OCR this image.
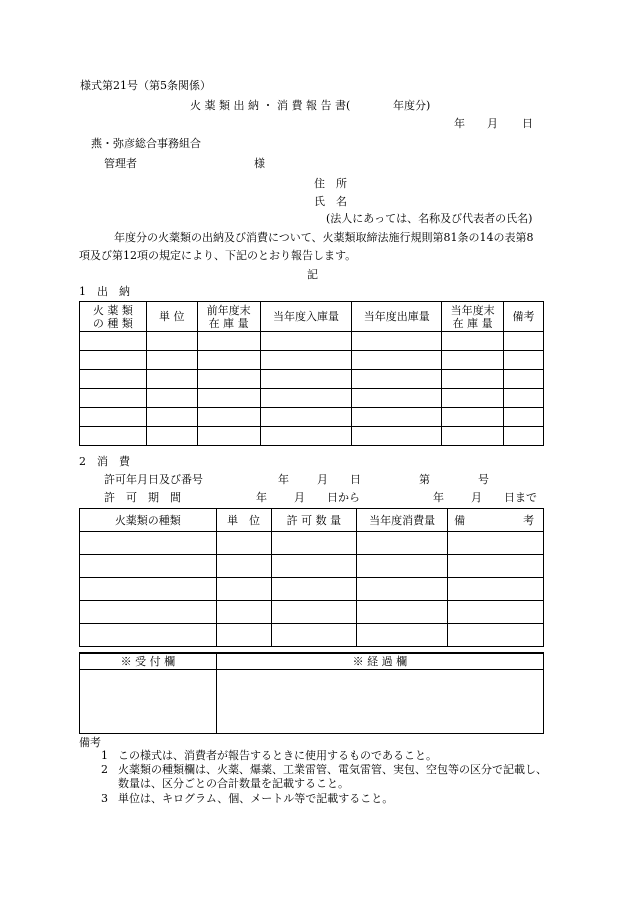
様式第21号（第5条関係）
火 薬 類 出 納 ・ 消 費 報 告 書(	年度分)
年 月 日
燕・弥彦総合事務組合
管理者	様
住　所
氏　名
(法人にあっては、名称及び代表者の氏名)
年度分の火薬類の出納及び消費について、火薬類取締法施行規則第81条の14の表第8
項及び第12項の規定により、下記のとおり報告します。
記
1　出　納
火 薬 類
の 種 類	単 位	前年度末
在 庫 量	当年度入庫量	当年度出庫量	当年度末
在 庫 量	備考

2　消　費
許可年月日及び番号	年	月 日	第	号
許　可　期　間	年 月 日から	年 月 日まで
火薬類の種類	単　位	許 可 数 量	当年度消費量	備 考

※ 受 付 欄	※ 経 過 欄

備考
1 この様式は、消費者が報告するときに使用するものであること。
2 火薬類の種類欄は、火薬、爆薬、工業雷管、電気雷管、実包、空包等の区分で記載し、
数量は、区分ごとの合計数量を記載すること。
3 単位は、キログラム、個、メートル等で記載すること。
